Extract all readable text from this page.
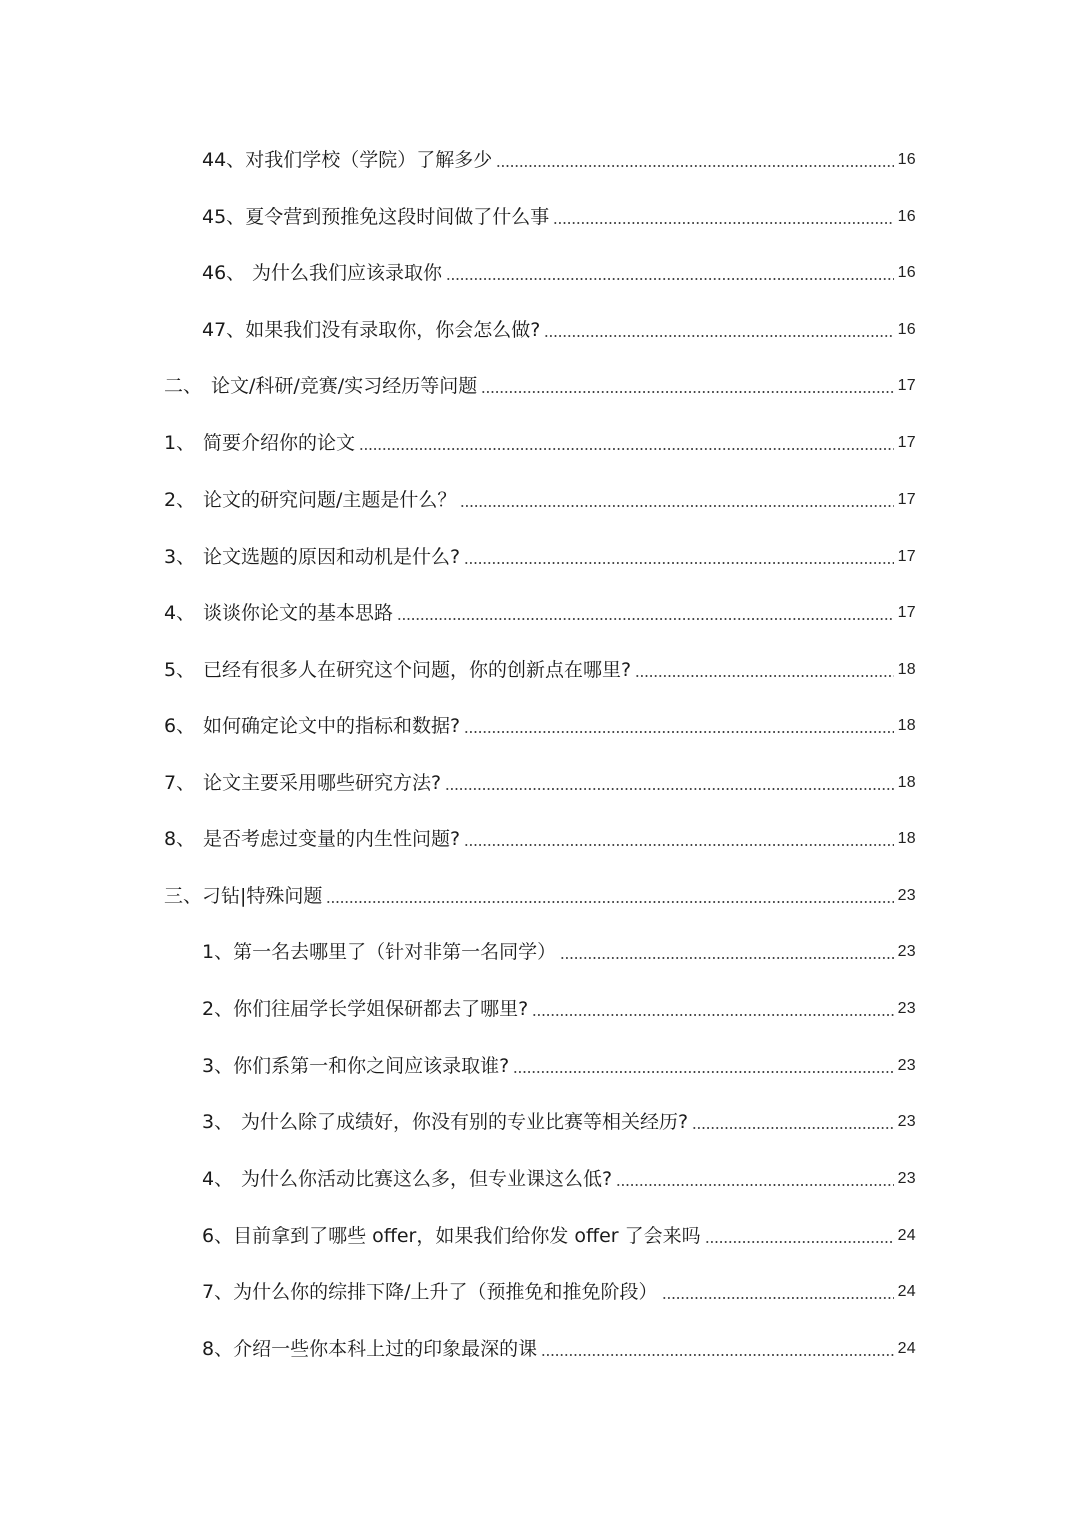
44、 对我们学校（学院）了解多少	16
45、 夏令营到预推免这段时间做了什么事	16
46、 为什么我们应该录取你	16
47、 如果我们没有录取你，你会怎么做?	16
二、 论文/科研/竞赛/实习经历等问题	17
1、 简要介绍你的论文	17
2、 论文的研究问题/主题是什么？	17
3、 论文选题的原因和动机是什么?	17
4、 谈谈你论文的基本思路	17
5、 已经有很多人在研究这个问题，你的创新点在哪里?	18
6、 如何确定论文中的指标和数据?	18
7、 论文主要采用哪些研究方法?	18
8、 是否考虑过变量的内生性问题?	18
三、 刁钻|特殊问题	23
1、 第一名去哪里了（针对非第一名同学）	23
2、 你们往届学长学姐保研都去了哪里?	23
3、 你们系第一和你之间应该录取谁?	23
3、 为什么除了成绩好，你没有别的专业比赛等相关经历?	23
4、 为什么你活动比赛这么多，但专业课这么低?	23
6、 目前拿到了哪些 offer，如果我们给你发 offer 了会来吗	24
7、 为什么你的综排下降/上升了（预推免和推免阶段）	24
8、 介绍一些你本科上过的印象最深的课	24
